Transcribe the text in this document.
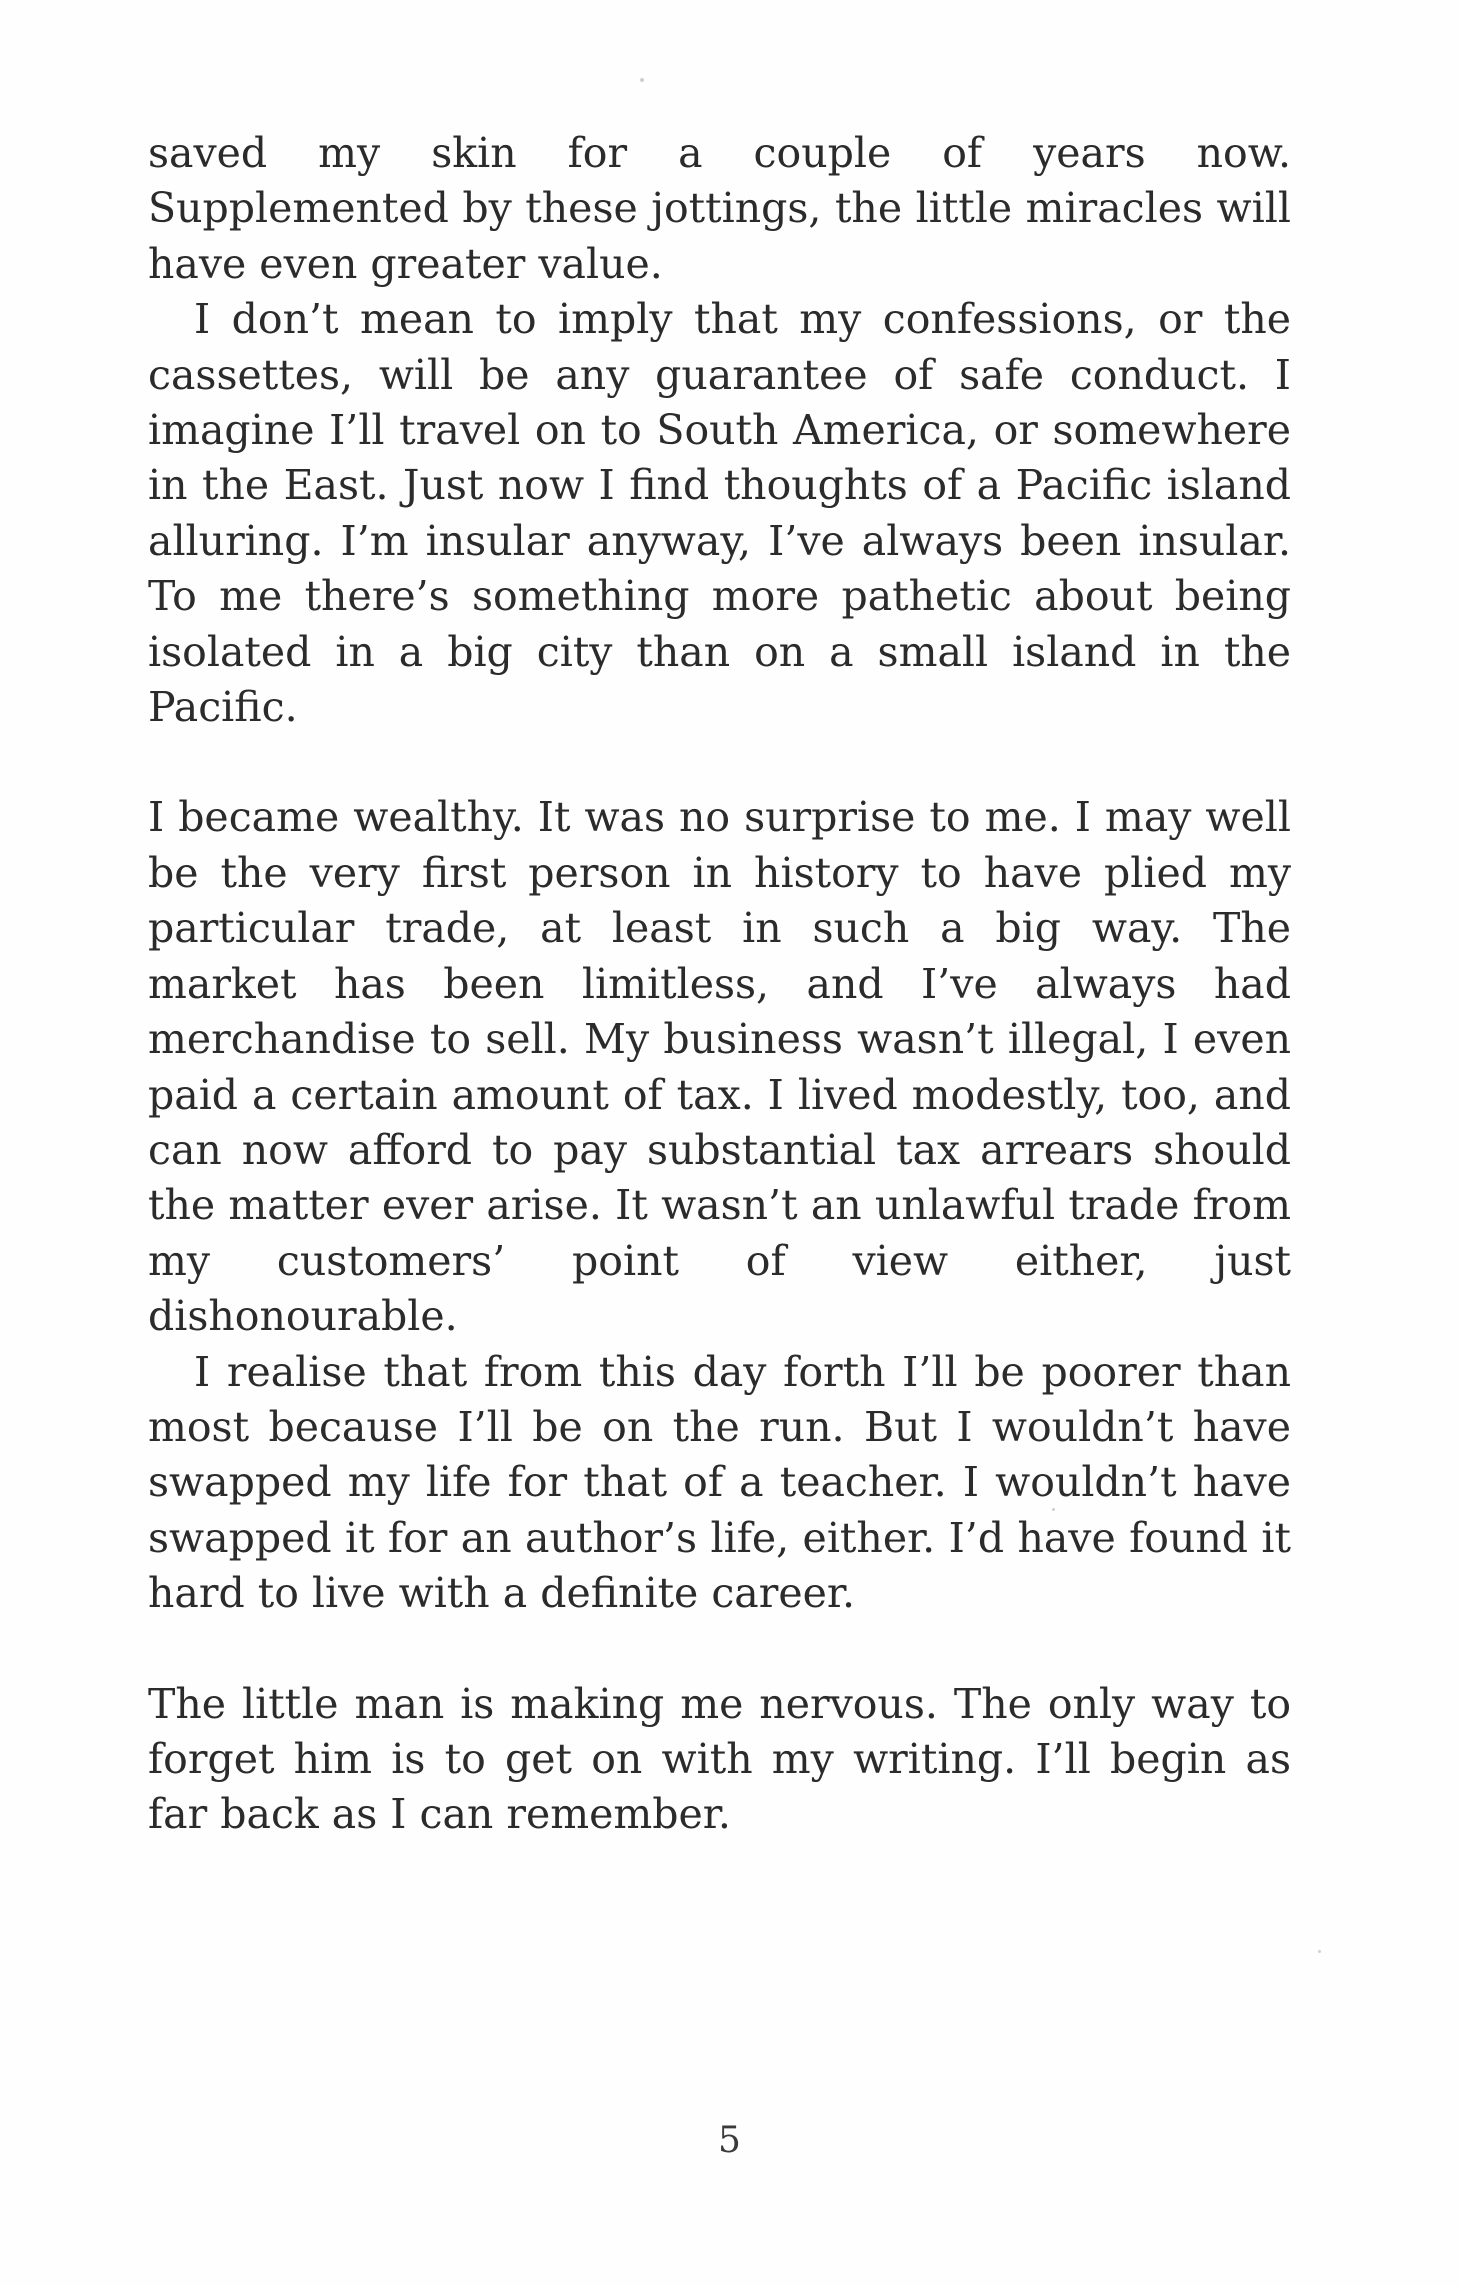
saved my skin for a couple of years now. Supplemented by these jottings, the little miracles will have even greater value.

I don’t mean to imply that my confessions, or the cassettes, will be any guarantee of safe conduct. I imagine I’ll travel on to South America, or somewhere in the East. Just now I find thoughts of a Pacific island alluring. I’m insular anyway, I’ve always been insular. To me there’s something more pathetic about being isolated in a big city than on a small island in the Pacific.

I became wealthy. It was no surprise to me. I may well be the very first person in history to have plied my particular trade, at least in such a big way. The market has been limitless, and I’ve always had merchandise to sell. My business wasn’t illegal, I even paid a certain amount of tax. I lived modestly, too, and can now afford to pay substantial tax arrears should the matter ever arise. It wasn’t an unlawful trade from my customers’ point of view either, just dishonourable.

I realise that from this day forth I’ll be poorer than most because I’ll be on the run. But I wouldn’t have swapped my life for that of a teacher. I wouldn’t have swapped it for an author’s life, either. I’d have found it hard to live with a definite career.

The little man is making me nervous. The only way to forget him is to get on with my writing. I’ll begin as far back as I can remember.

5
